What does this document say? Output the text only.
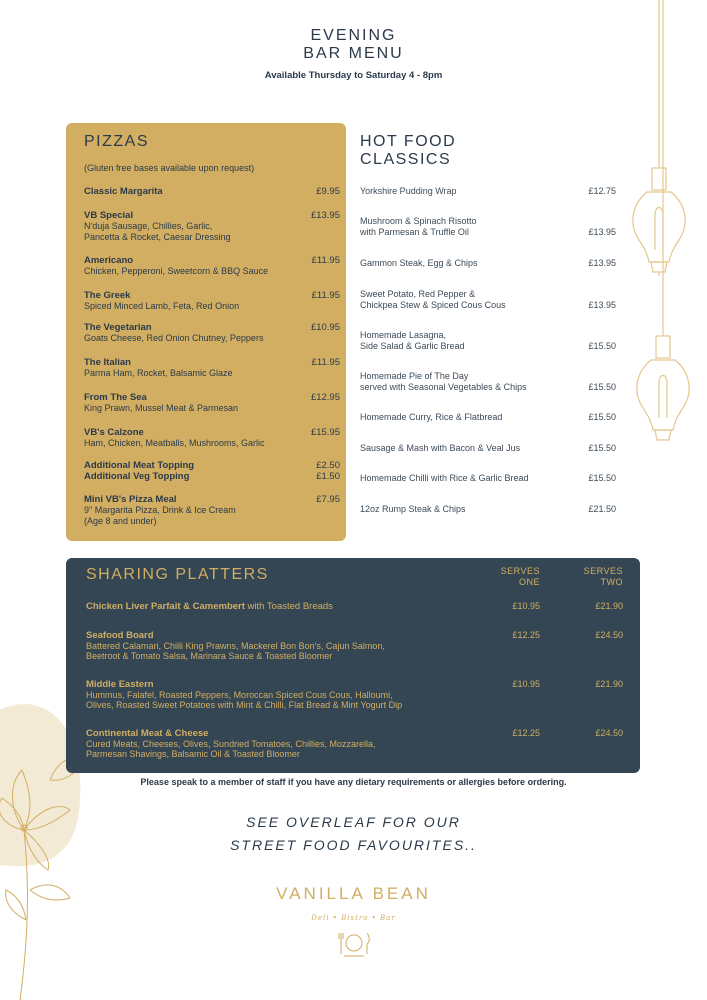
EVENING
BAR MENU
Available Thursday to Saturday 4 - 8pm
PIZZAS
(Gluten free bases available upon request)
Classic Margarita	£9.95
VB Special	£13.95
N'duja Sausage, Chillies, Garlic,
Pancetta & Rocket, Caesar Dressing
Americano	£11.95
Chicken, Pepperoni, Sweetcorn & BBQ Sauce
The Greek	£11.95
Spiced Minced Lamb, Feta, Red Onion
The Vegetarian	£10.95
Goats Cheese, Red Onion Chutney, Peppers
The Italian	£11.95
Parma Ham, Rocket, Balsamic Glaze
From The Sea	£12.95
King Prawn, Mussel Meat & Parmesan
VB's Calzone	£15.95
Ham, Chicken, Meatballs, Mushrooms, Garlic
Additional Meat Topping	£2.50
Additional Veg Topping	£1.50
Mini VB's Pizza Meal	£7.95
9" Margarita Pizza, Drink & Ice Cream
(Age 8 and under)
HOT FOOD
CLASSICS
Yorkshire Pudding Wrap	£12.75
Mushroom & Spinach Risotto
with Parmesan & Truffle Oil	£13.95
Gammon Steak, Egg & Chips	£13.95
Sweet Potato, Red Pepper &
Chickpea Stew & Spiced Cous Cous	£13.95
Homemade Lasagna,
Side Salad & Garlic Bread	£15.50
Homemade Pie of The Day
served with Seasonal Vegetables & Chips	£15.50
Homemade Curry, Rice & Flatbread	£15.50
Sausage & Mash with Bacon & Veal Jus	£15.50
Homemade Chilli with Rice & Garlic Bread	£15.50
12oz Rump Steak & Chips	£21.50
SHARING PLATTERS	SERVES
ONE
SERVES
TWO
Chicken Liver Parfait & Camembert with Toasted Breads	£10.95	£21.90
Seafood Board
Battered Calamari, Chilli King Prawns, Mackerel Bon Bon's, Cajun Salmon,
Beetroot & Tomato Salsa, Marinara Sauce & Toasted Bloomer
£12.25	£24.50
Middle Eastern
Hummus, Falafel, Roasted Peppers, Moroccan Spiced Cous Cous, Halloumi,
Olives, Roasted Sweet Potatoes with Mint & Chilli, Flat Bread & Mint Yogurt Dip
£10.95	£21.90
Continental Meat & Cheese
Cured Meats, Cheeses, Olives, Sundried Tomatoes, Chillies, Mozzarella,
Parmesan Shavings, Balsamic Oil & Toasted Bloomer
£12.25	£24.50
Please speak to a member of staff if you have any dietary requirements or allergies before ordering.
SEE OVERLEAF FOR OUR
STREET FOOD FAVOURITES..
VANILLA BEAN
Deli • Bistro • Bar
